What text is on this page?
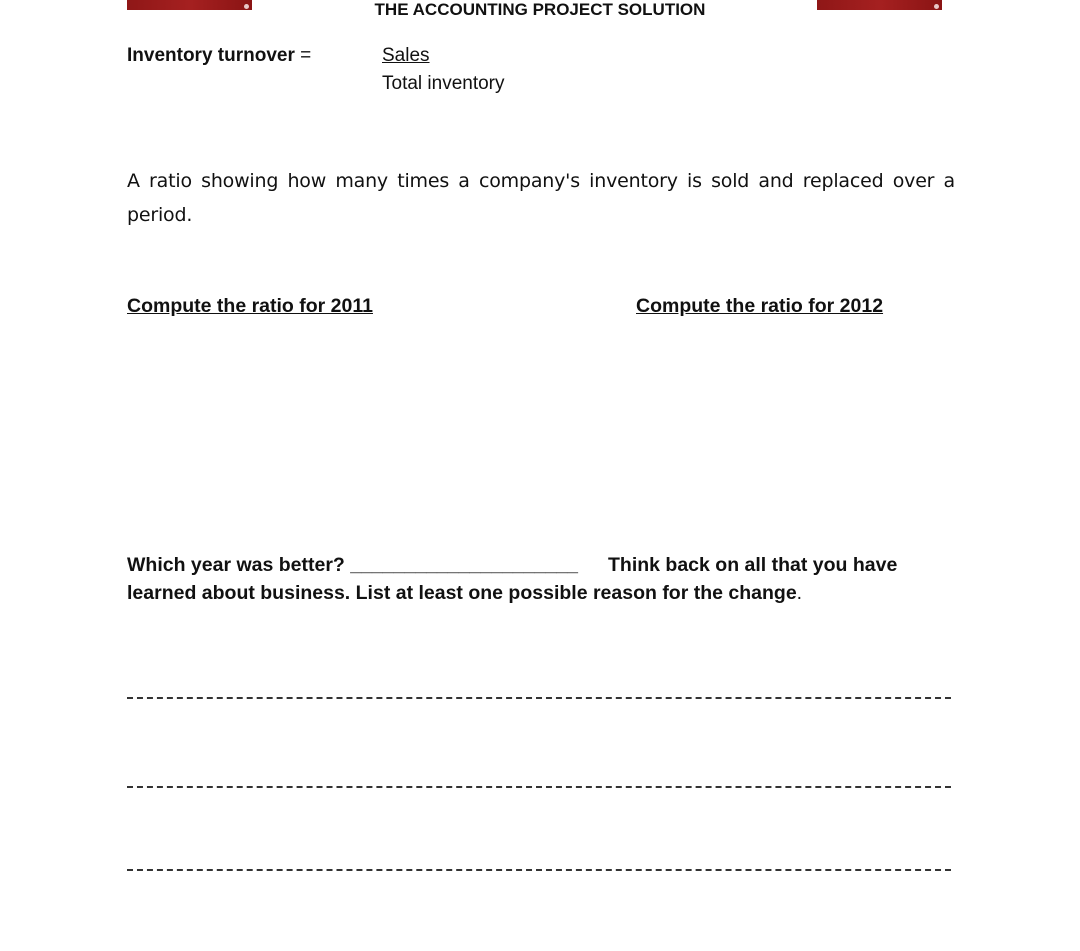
THE ACCOUNTING PROJECT SOLUTION
Inventory turnover =	Sales
Total inventory
A ratio showing how many times a company's inventory is sold and replaced over a period.
Compute the ratio for 2011	Compute the ratio for 2012
Which year was better? _____________________ Think back on all that you have learned about business. List at least one possible reason for the change.
